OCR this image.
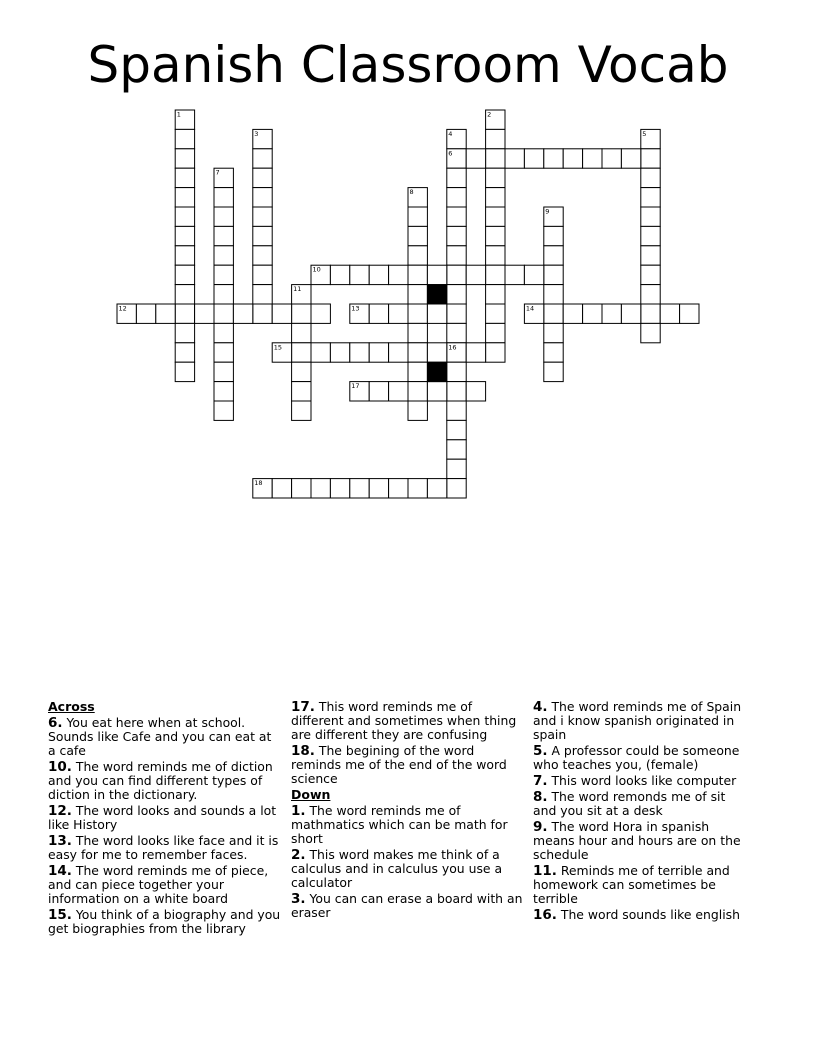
Spanish Classroom Vocab
1	2
3	4	5
6
7
8
9
10
11
12	13	14
15	16
17
18
Across
6. You eat here when at school. Sounds like Cafe and you can eat at a cafe
10. The word reminds me of diction and you can find different types of diction in the dictionary.
12. The word looks and sounds a lot like History
13. The word looks like face and it is easy for me to remember faces.
14. The word reminds me of piece, and can piece together your information on a white board
15. You think of a biography and you get biographies from the library
17. This word reminds me of different and sometimes when thing are different they are confusing
18. The begining of the word reminds me of the end of the word science
Down
1. The word reminds me of mathmatics which can be math for short
2. This word makes me think of a calculus and in calculus you use a calculator
3. You can can erase a board with an eraser
4. The word reminds me of Spain and i know spanish originated in spain
5. A professor could be someone who teaches you, (female)
7. This word looks like computer
8. The word remonds me of sit and you sit at a desk
9. The word Hora in spanish means hour and hours are on the schedule
11. Reminds me of terrible and homework can sometimes be terrible
16. The word sounds like english
